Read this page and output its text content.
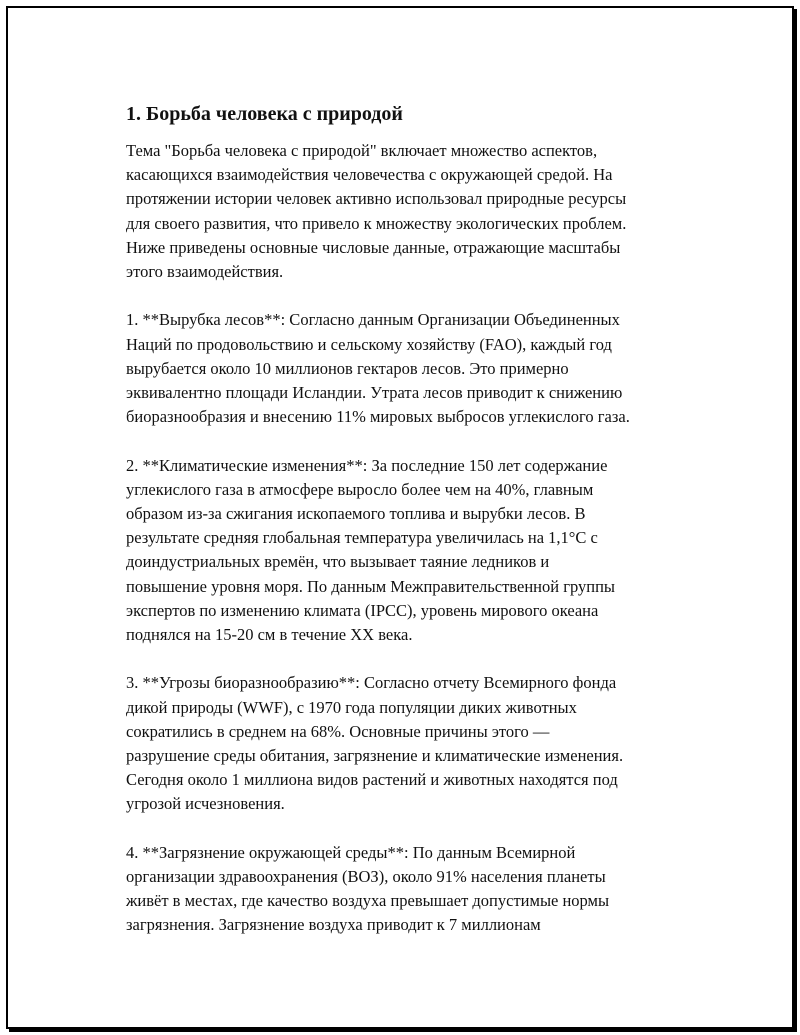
1. Борьба человека с природой

Тема "Борьба человека с природой" включает множество аспектов,
касающихся взаимодействия человечества с окружающей средой. На
протяжении истории человек активно использовал природные ресурсы
для своего развития, что привело к множеству экологических проблем.
Ниже приведены основные числовые данные, отражающие масштабы
этого взаимодействия.

1. **Вырубка лесов**: Согласно данным Организации Объединенных
Наций по продовольствию и сельскому хозяйству (FAO), каждый год
вырубается около 10 миллионов гектаров лесов. Это примерно
эквивалентно площади Исландии. Утрата лесов приводит к снижению
биоразнообразия и внесению 11% мировых выбросов углекислого газа.

2. **Климатические изменения**: За последние 150 лет содержание
углекислого газа в атмосфере выросло более чем на 40%, главным
образом из-за сжигания ископаемого топлива и вырубки лесов. В
результате средняя глобальная температура увеличилась на 1,1°С с
доиндустриальных времён, что вызывает таяние ледников и
повышение уровня моря. По данным Межправительственной группы
экспертов по изменению климата (IPCC), уровень мирового океана
поднялся на 15-20 см в течение XX века.

3. **Угрозы биоразнообразию**: Согласно отчету Всемирного фонда
дикой природы (WWF), с 1970 года популяции диких животных
сократились в среднем на 68%. Основные причины этого —
разрушение среды обитания, загрязнение и климатические изменения.
Сегодня около 1 миллиона видов растений и животных находятся под
угрозой исчезновения.

4. **Загрязнение окружающей среды**: По данным Всемирной
организации здравоохранения (ВОЗ), около 91% населения планеты
живёт в местах, где качество воздуха превышает допустимые нормы
загрязнения. Загрязнение воздуха приводит к 7 миллионам
